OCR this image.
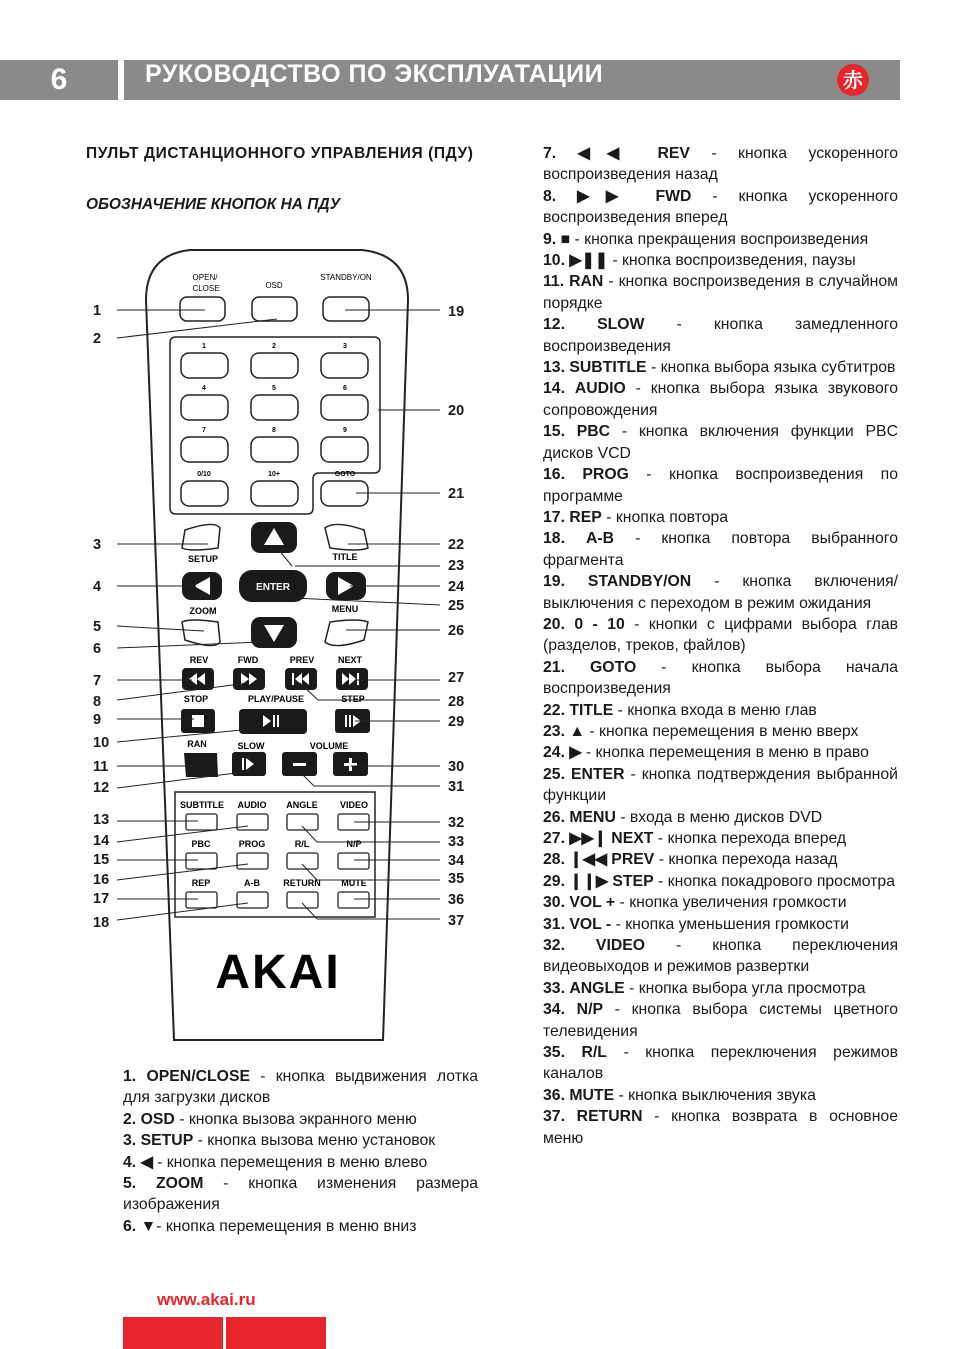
6	РУКОВОДСТВО ПО ЭКСПЛУАТАЦИИ	赤
ПУЛЬТ ДИСТАНЦИОННОГО УПРАВЛЕНИЯ (ПДУ)
ОБОЗНАЧЕНИЕ КНОПОК НА ПДУ
OPEN/
CLOSE	OSD
STANDBY/ON
1	2	3
4	5	6
7	8	9
0/10	10+	GOTO
ENTER
SETUP	TITLE
ZOOM	MENU
REV	FWD	PREV	NEXT
STOP	PLAY/PAUSE	STEP
RAN	SLOW	VOLUME
SUBTITLE AUDIO ANGLE VIDEO
PBC	PROG	R/L	N/P
REP	A-B	RETURN MUTE
AKAI
1
2
3
4
5
6
7
8
9
10
11
12
13
14
15
16
17
18
19
20
21
22
23
24
25
26
27
28
29
30
31
32
33
34
35
36
37

1. OPEN/CLOSE - кнопка выдвижения лотка для загрузки дисков

2. OSD - кнопка вызова экранного меню

3. SETUP - кнопка вызова меню установок

4. ◀ - кнопка перемещения в меню влево

5. ZOOM - кнопка изменения размера изображения

6. ▼- кнопка перемещения в меню вниз

7. ◀◀ REV - кнопка ускоренного воспроизведения назад

8. ▶▶ FWD - кнопка ускоренного воспроизведения вперед

9. ■ - кнопка прекращения воспроизведения

10. ▶❚❚ - кнопка воспроизведения, паузы

11. RAN - кнопка воспроизведения в случайном порядке

12. SLOW - кнопка замедленного воспроизведения

13. SUBTITLE - кнопка выбора языка субтитров

14. AUDIO - кнопка выбора языка звукового сопровождения

15. PBC - кнопка включения функции PBC дисков VCD

16. PROG - кнопка воспроизведения по программе

17. REP - кнопка повтора

18. A-B - кнопка повтора выбранного фрагмента

19. STANDBY/ON - кнопка включения/выключения с переходом в режим ожидания

20. 0 - 10 - кнопки с цифрами выбора глав (разделов, треков, файлов)

21. GOTO - кнопка выбора начала воспроизведения

22. TITLE - кнопка входа в меню глав

23. ▲ - кнопка перемещения в меню вверх

24. ▶ - кнопка перемещения в меню в право

25. ENTER - кнопка подтверждения выбранной функции

26. MENU - входа в меню дисков DVD

27. ▶▶❙ NEXT - кнопка перехода вперед

28. ❙◀◀ PREV - кнопка перехода назад

29. ❙❙▶ STEP - кнопка покадрового просмотра

30. VOL + - кнопка увеличения громкости

31. VOL - - кнопка уменьшения громкости

32. VIDEO - кнопка переключения видеовыходов и режимов развертки

33. ANGLE - кнопка выбора угла просмотра

34. N/P - кнопка выбора системы цветного телевидения

35. R/L - кнопка переключения режимов каналов

36. MUTE - кнопка выключения звука

37. RETURN - кнопка возврата в основное меню

www.akai.ru
